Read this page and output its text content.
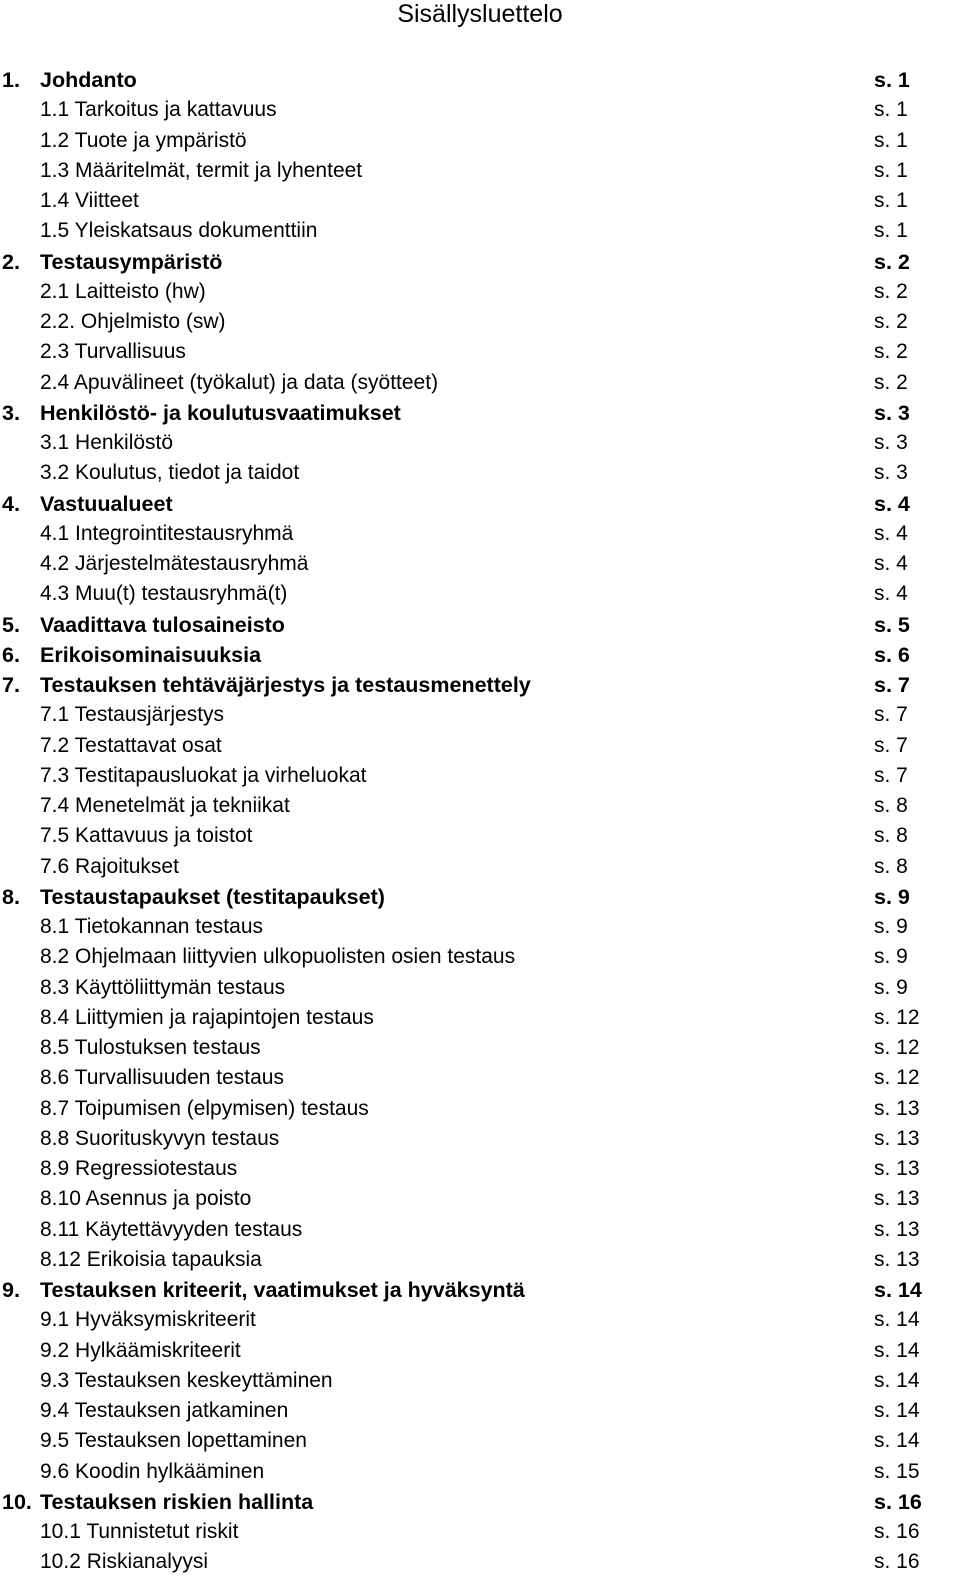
Sisällysluettelo
1. Johdanto	s. 1
1.1 Tarkoitus ja kattavuus	s. 1
1.2 Tuote ja ympäristö	s. 1
1.3 Määritelmät, termit ja lyhenteet	s. 1
1.4 Viitteet	s. 1
1.5 Yleiskatsaus dokumenttiin	s. 1
2. Testausympäristö	s. 2
2.1 Laitteisto (hw)	s. 2
2.2. Ohjelmisto (sw)	s. 2
2.3 Turvallisuus	s. 2
2.4 Apuvälineet (työkalut) ja data (syötteet)	s. 2
3. Henkilöstö- ja koulutusvaatimukset	s. 3
3.1 Henkilöstö	s. 3
3.2 Koulutus, tiedot ja taidot	s. 3
4. Vastuualueet	s. 4
4.1 Integrointitestausryhmä	s. 4
4.2 Järjestelmätestausryhmä	s. 4
4.3 Muu(t) testausryhmä(t)	s. 4
5. Vaadittava tulosaineisto	s. 5
6. Erikoisominaisuuksia	s. 6
7. Testauksen tehtäväjärjestys ja testausmenettely	s. 7
7.1 Testausjärjestys	s. 7
7.2 Testattavat osat	s. 7
7.3 Testitapausluokat ja virheluokat	s. 7
7.4 Menetelmät ja tekniikat	s. 8
7.5 Kattavuus ja toistot	s. 8
7.6 Rajoitukset	s. 8
8. Testaustapaukset (testitapaukset)	s. 9
8.1 Tietokannan testaus	s. 9
8.2 Ohjelmaan liittyvien ulkopuolisten osien testaus	s. 9
8.3 Käyttöliittymän testaus	s. 9
8.4 Liittymien ja rajapintojen testaus	s. 12
8.5 Tulostuksen testaus	s. 12
8.6 Turvallisuuden testaus	s. 12
8.7 Toipumisen (elpymisen) testaus	s. 13
8.8 Suorituskyvyn testaus	s. 13
8.9 Regressiotestaus	s. 13
8.10 Asennus ja poisto	s. 13
8.11 Käytettävyyden testaus	s. 13
8.12 Erikoisia tapauksia	s. 13
9. Testauksen kriteerit, vaatimukset ja hyväksyntä	s. 14
9.1 Hyväksymiskriteerit	s. 14
9.2 Hylkäämiskriteerit	s. 14
9.3 Testauksen keskeyttäminen	s. 14
9.4 Testauksen jatkaminen	s. 14
9.5 Testauksen lopettaminen	s. 14
9.6 Koodin hylkääminen	s. 15
10. Testauksen riskien hallinta	s. 16
10.1 Tunnistetut riskit	s. 16
10.2 Riskianalyysi	s. 16
